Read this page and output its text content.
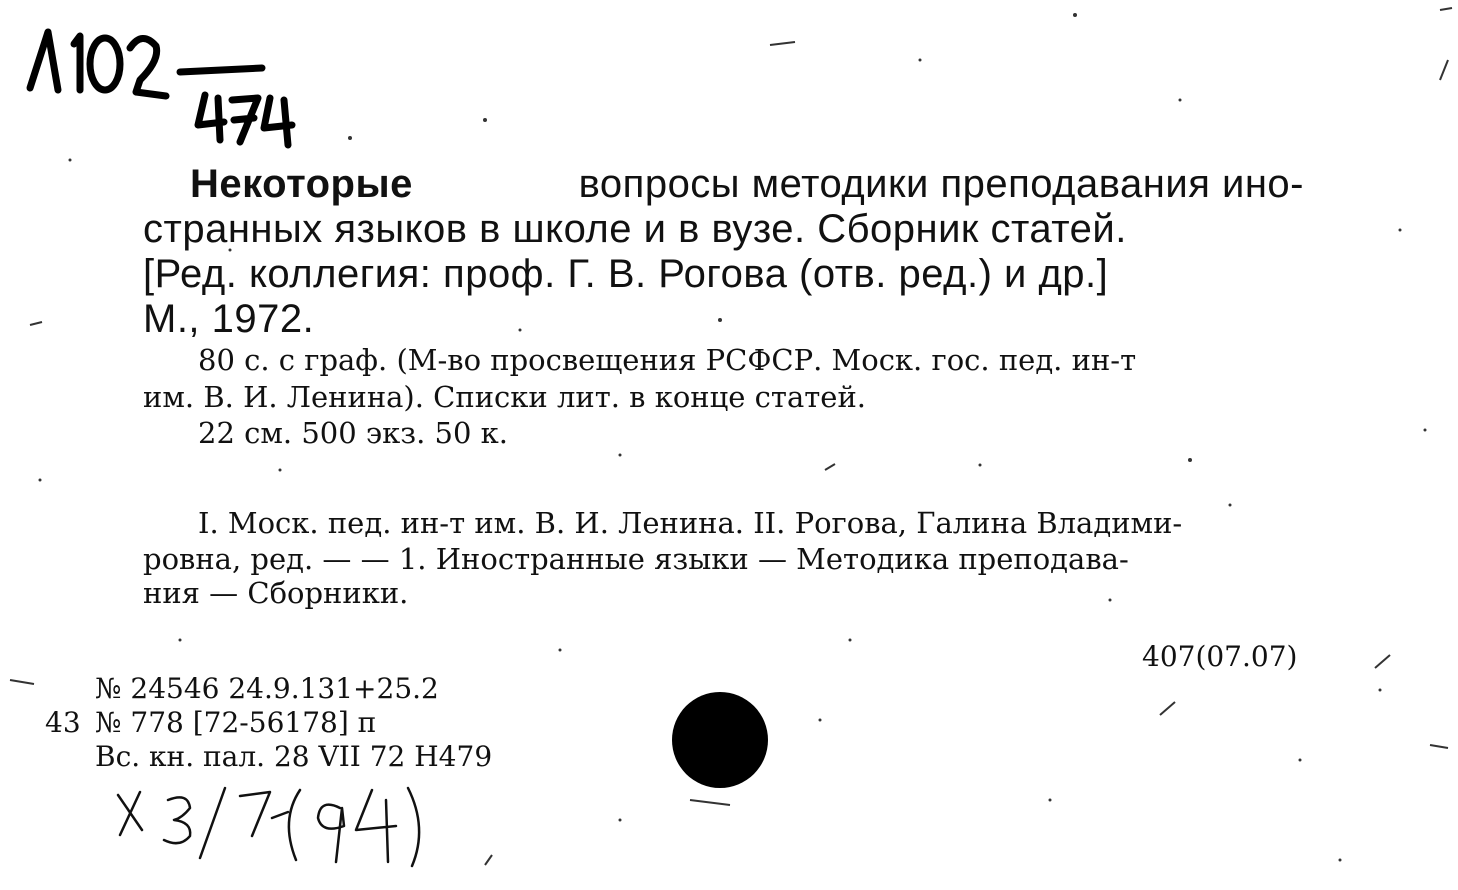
Некоторые	вопросы методики преподавания ино-
странных языков в школе и в вузе. Сборник статей.
[Ред. коллегия: проф. Г. В. Рогова (отв. ред.) и др.]
М., 1972.
80 с. с граф. (М-во просвещения РСФСР. Моск. гос. пед. ин-т
им. В. И. Ленина). Списки лит. в конце статей.
22 см. 500 экз. 50 к.
I. Моск. пед. ин-т им. В. И. Ленина. II. Рогова, Галина Владими-
ровна, ред. — — 1. Иностранные языки — Методика преподава-
ния — Сборники.
407(07.07)
№ 24546 24.9.131+25.2
43 № 778 [72-56178] п
Вс. кн. пал. 28 VII 72 Н479
